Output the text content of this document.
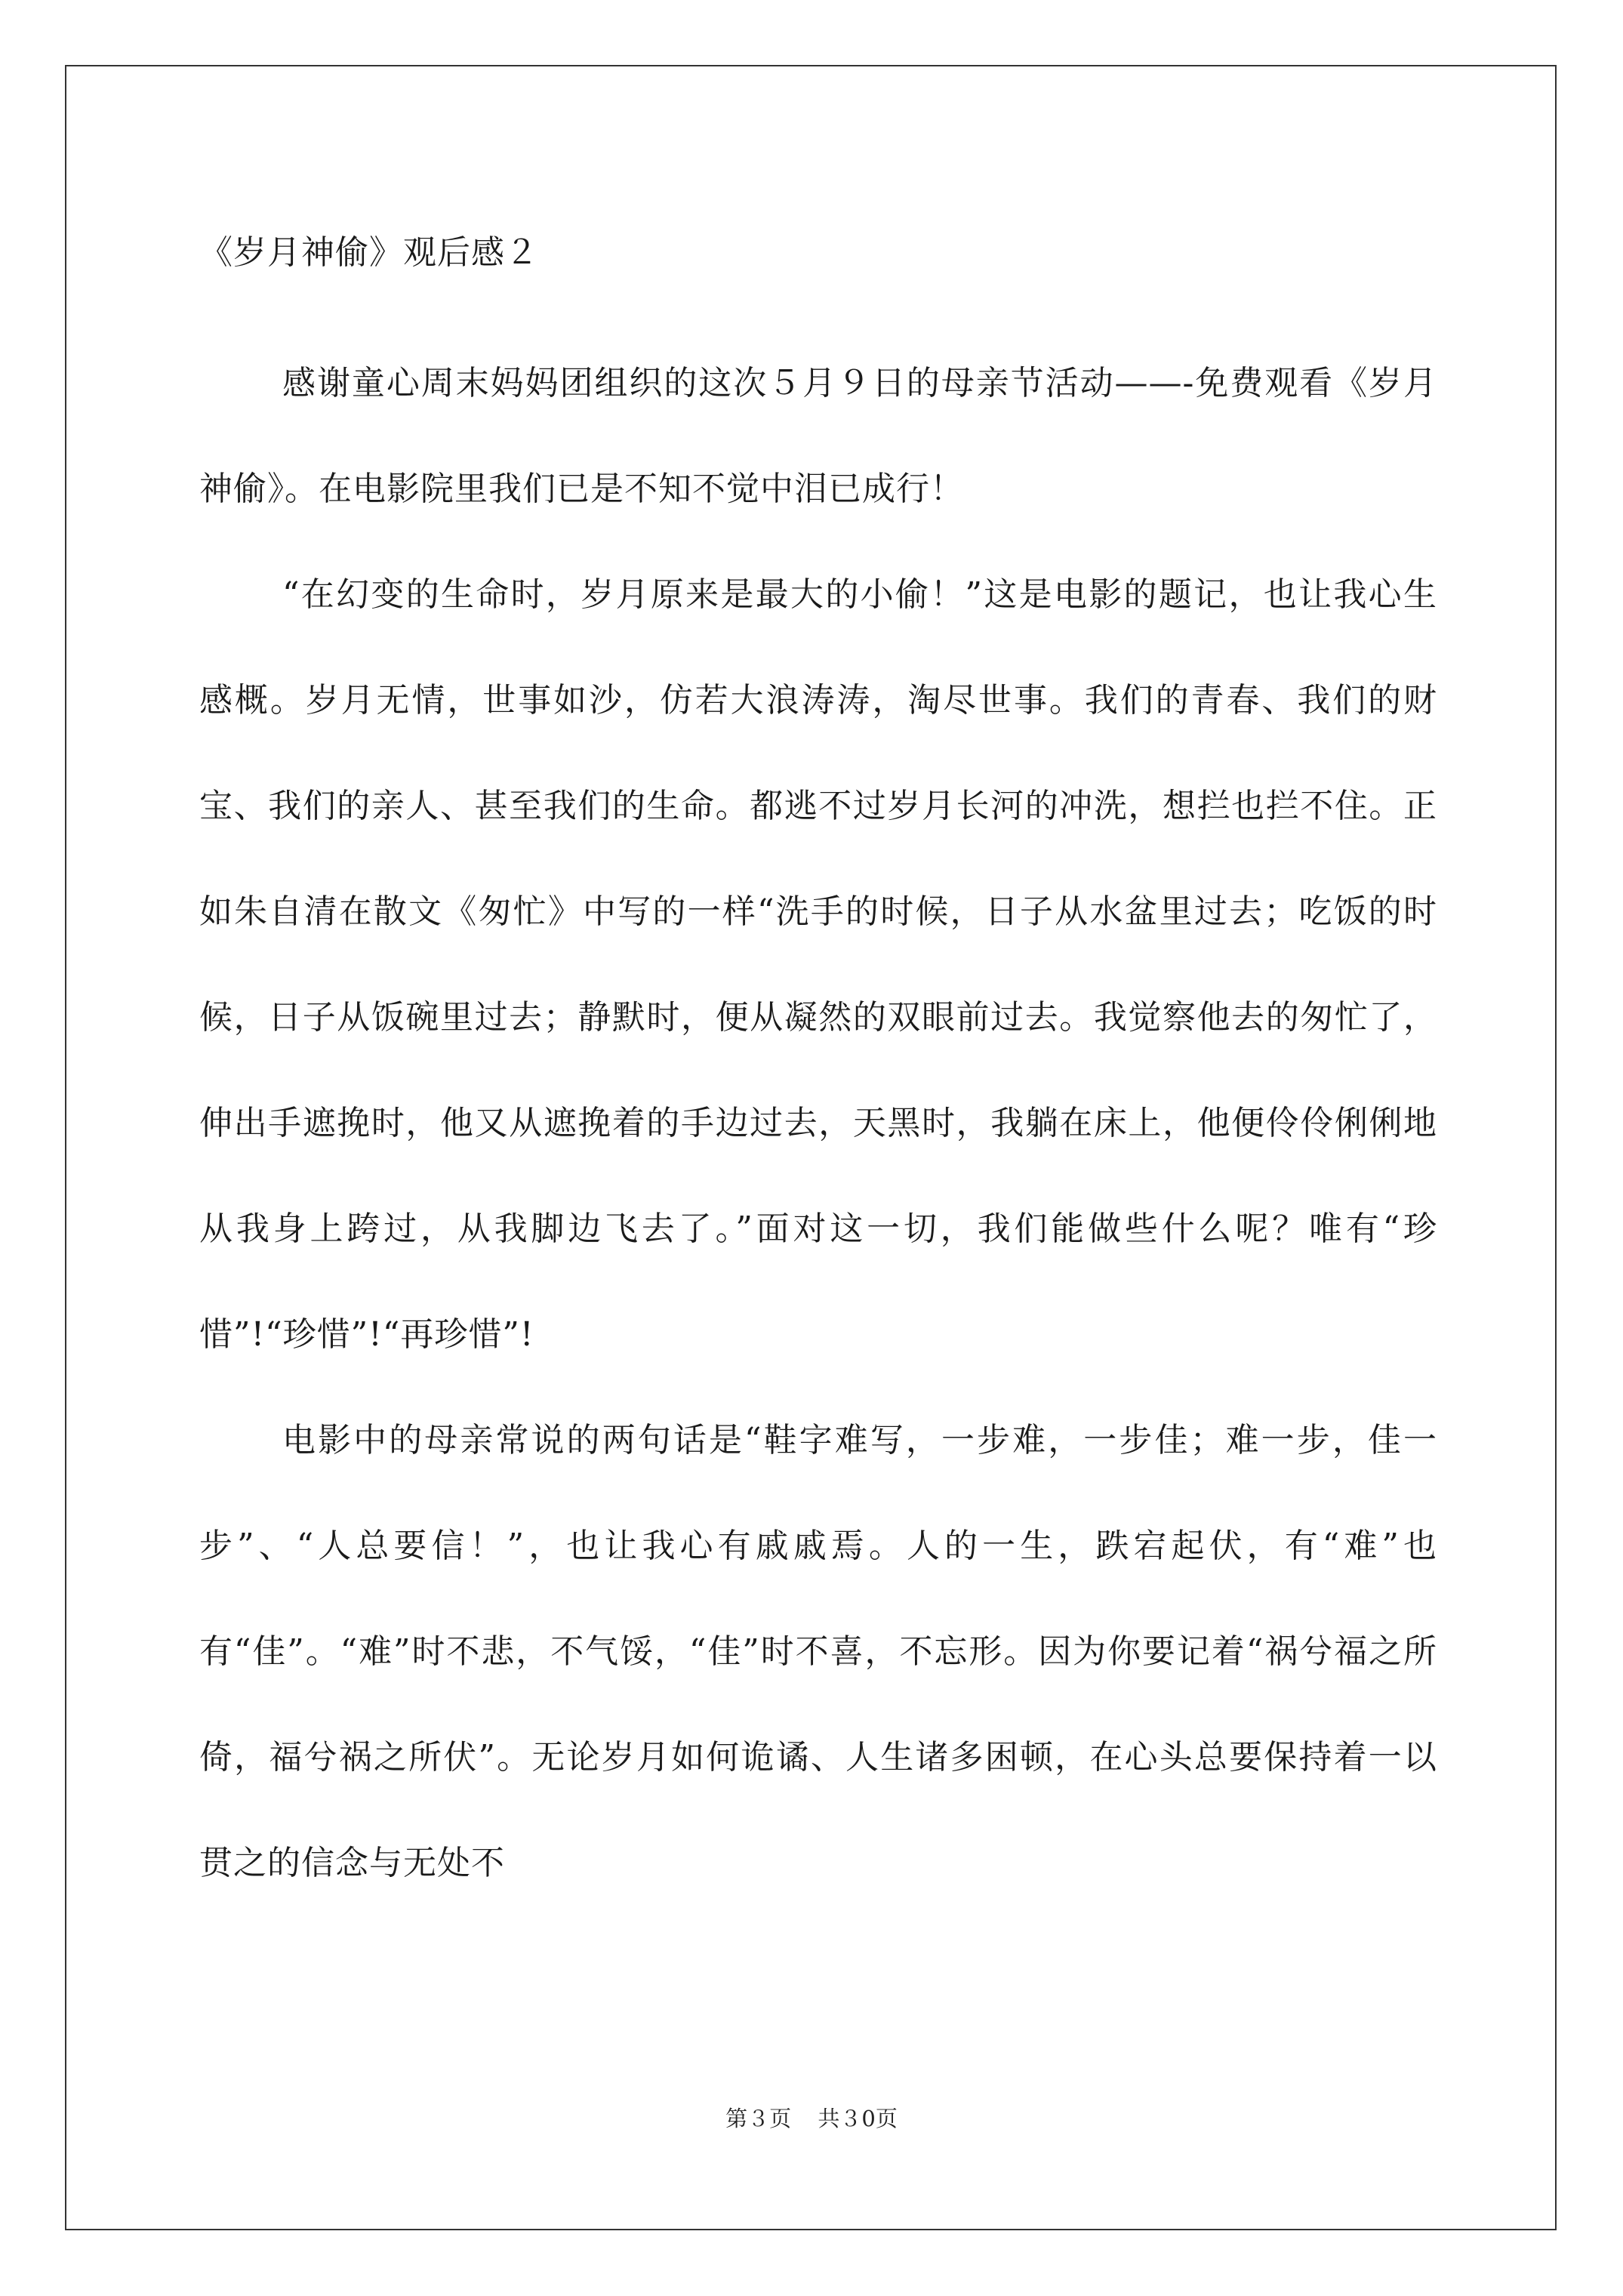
《岁月神偷》观后感２

感谢童心周末妈妈团组织的这次５月９日的母亲节活动——-免费观看《岁月神偷》。在电影院里我们已是不知不觉中泪已成行！

“在幻变的生命时，岁月原来是最大的小偷！”这是电影的题记，也让我心生感概。岁月无情，世事如沙，仿若大浪涛涛，淘尽世事。我们的青春、我们的财宝、我们的亲人、甚至我们的生命。都逃不过岁月长河的冲洗，想拦也拦不住。正如朱自清在散文《匆忙》中写的一样“洗手的时候，日子从水盆里过去；吃饭的时候，日子从饭碗里过去；静默时，便从凝然的双眼前过去。我觉察他去的匆忙了，伸出手遮挽时，他又从遮挽着的手边过去，天黑时，我躺在床上，他便伶伶俐俐地从我身上跨过，从我脚边飞去了。”面对这一切，我们能做些什么呢？唯有“珍惜”!“珍惜”!“再珍惜”!

电影中的母亲常说的两句话是“鞋字难写，一步难，一步佳；难一步，佳一步”、“人总要信！”，也让我心有戚戚焉。人的一生，跌宕起伏，有“难”也有“佳”。“难”时不悲，不气馁，“佳”时不喜，不忘形。因为你要记着“祸兮福之所倚，福兮祸之所伏”。无论岁月如何诡谲、人生诸多困顿，在心头总要保持着一以贯之的信念与无处不

第３页 共３0页
